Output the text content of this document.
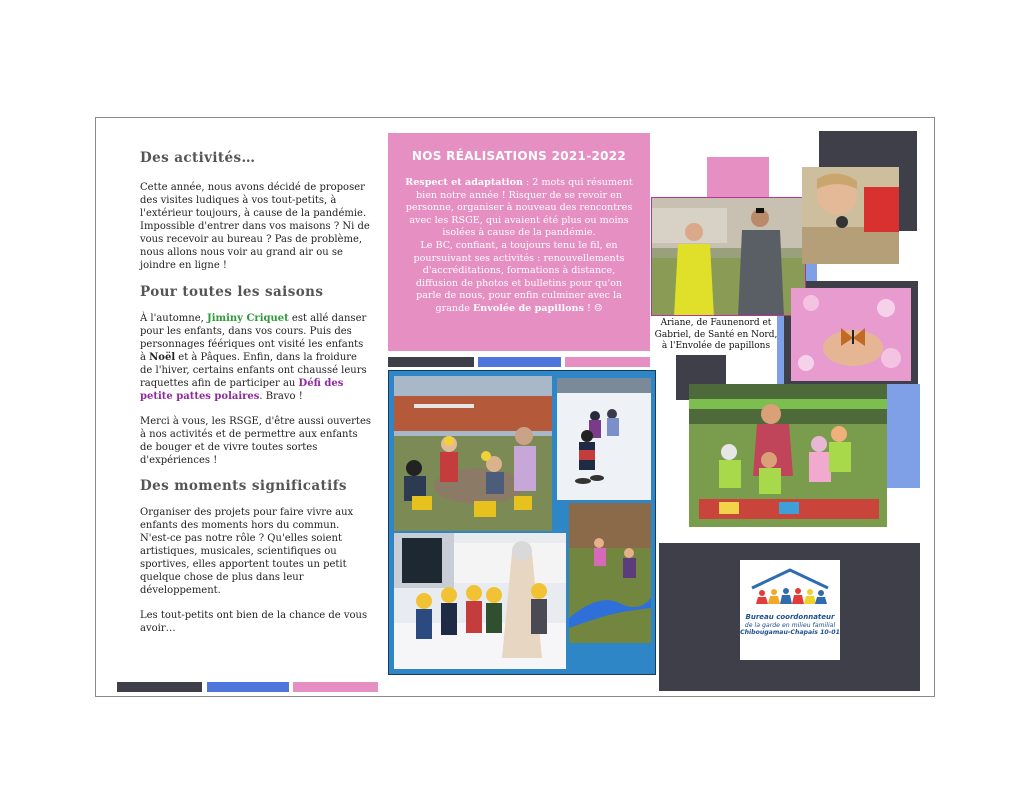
Des activités…

Cette année, nous avons décidé de proposer des visites ludiques à vos tout-petits, à l'extérieur toujours, à cause de la pandémie. Impossible d'entrer dans vos maisons ? Ni de vous recevoir au bureau ? Pas de problème, nous allons nous voir au grand air ou se joindre en ligne !

Pour toutes les saisons

À l'automne, Jiminy Criquet est allé danser pour les enfants, dans vos cours. Puis des personnages féériques ont visité les enfants à Noël et à Pâques. Enfin, dans la froidure de l'hiver, certains enfants ont chaussé leurs raquettes afin de participer au Défi des petite pattes polaires. Bravo !

Merci à vous, les RSGE, d'être aussi ouvertes à nos activités et de permettre aux enfants de bouger et de vivre toutes sortes d'expériences !

Des moments significatifs

Organiser des projets pour faire vivre aux enfants des moments hors du commun. N'est-ce pas notre rôle ? Qu'elles soient artistiques, musicales, scientifiques ou sportives, elles apportent toutes un petit quelque chose de plus dans leur développement.

Les tout-petits ont bien de la chance de vous avoir…

NOS RÉALISATIONS 2021-2022

Respect et adaptation : 2 mots qui résument bien notre année ! Risquer de se revoir en personne, organiser à nouveau des rencontres avec les RSGE, qui avaient été plus ou moins isolées à cause de la pandémie.
Le BC, confiant, a toujours tenu le fil, en poursuivant ses activités : renouvellements d'accréditations, formations à distance, diffusion de photos et bulletins pour qu'on parle de nous, pour enfin culminer avec la grande Envolée de papillons ! ☺

Ariane, de Faunenord et Gabriel, de Santé en Nord, à l'Envolée de papillons
Bureau coordonnateur
de la garde en milieu familial
Chibougamau-Chapais 10-01
